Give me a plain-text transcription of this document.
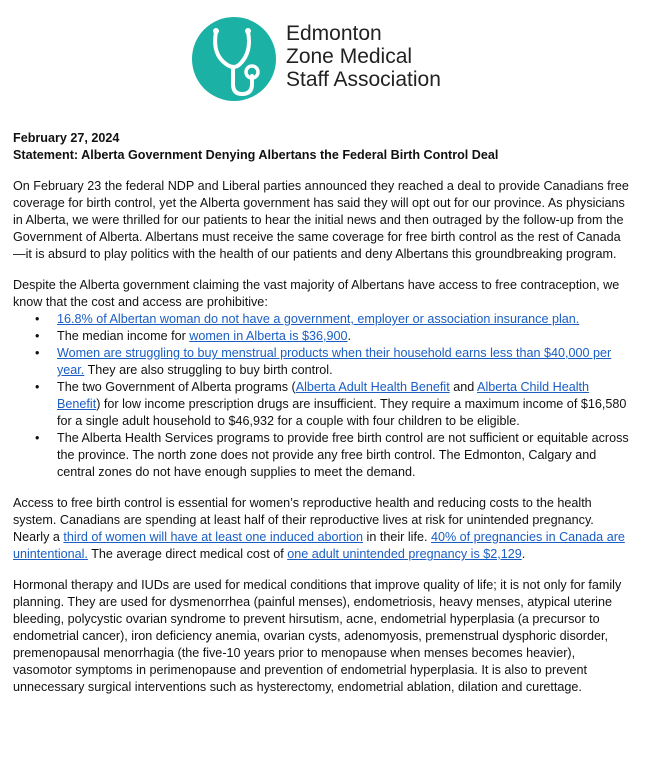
Edmonton
Zone Medical
Staff Association
February 27, 2024
Statement: Alberta Government Denying Albertans the Federal Birth Control Deal

On February 23 the federal NDP and Liberal parties announced they reached a deal to provide Canadians free coverage for birth control, yet the Alberta government has said they will opt out for our province. As physicians in Alberta, we were thrilled for our patients to hear the initial news and then outraged by the follow-up from the Government of Alberta. Albertans must receive the same coverage for free birth control as the rest of Canada—it is absurd to play politics with the health of our patients and deny Albertans this groundbreaking program.

Despite the Alberta government claiming the vast majority of Albertans have access to free contraception, we know that the cost and access are prohibitive:

•	16.8% of Albertan woman do not have a government, employer or association insurance plan.
•	The median income for women in Alberta is $36,900.
•	Women are struggling to buy menstrual products when their household earns less than $40,000 per year. They are also struggling to buy birth control.
•	The two Government of Alberta programs (Alberta Adult Health Benefit and Alberta Child Health Benefit) for low income prescription drugs are insufficient. They require a maximum income of $16,580 for a single adult household to $46,932 for a couple with four children to be eligible.
•	The Alberta Health Services programs to provide free birth control are not sufficient or equitable across the province. The north zone does not provide any free birth control. The Edmonton, Calgary and central zones do not have enough supplies to meet the demand.

Access to free birth control is essential for women’s reproductive health and reducing costs to the health system. Canadians are spending at least half of their reproductive lives at risk for unintended pregnancy. Nearly a third of women will have at least one induced abortion in their life. 40% of pregnancies in Canada are unintentional. The average direct medical cost of one adult unintended pregnancy is $2,129.

Hormonal therapy and IUDs are used for medical conditions that improve quality of life; it is not only for family planning. They are used for dysmenorrhea (painful menses), endometriosis, heavy menses, atypical uterine bleeding, polycystic ovarian syndrome to prevent hirsutism, acne, endometrial hyperplasia (a precursor to endometrial cancer), iron deficiency anemia, ovarian cysts, adenomyosis, premenstrual dysphoric disorder, premenopausal menorrhagia (the five-10 years prior to menopause when menses becomes heavier), vasomotor symptoms in perimenopause and prevention of endometrial hyperplasia. It is also to prevent unnecessary surgical interventions such as hysterectomy, endometrial ablation, dilation and curettage.
